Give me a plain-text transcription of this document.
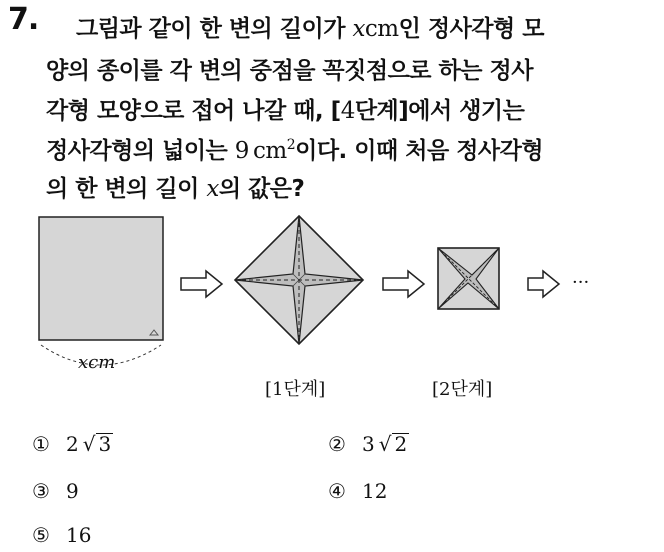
7. 그림과 같이 한 변의 길이가 xcm인 정사각형 모
양의 종이를 각 변의 중점을 꼭짓점으로 하는 정사
각형 모양으로 접어 나갈 때, [4단계]에서 생기는
정사각형의 넓이는 9  $cm^2$이다. 이때 처음 정사각형
의 한 변의 길이 x의 값은?
xcm
···
[1단계]	[2단계]
① 2  √ 3	② 3  √ 2
③ 9	④ 12
⑤ 16
